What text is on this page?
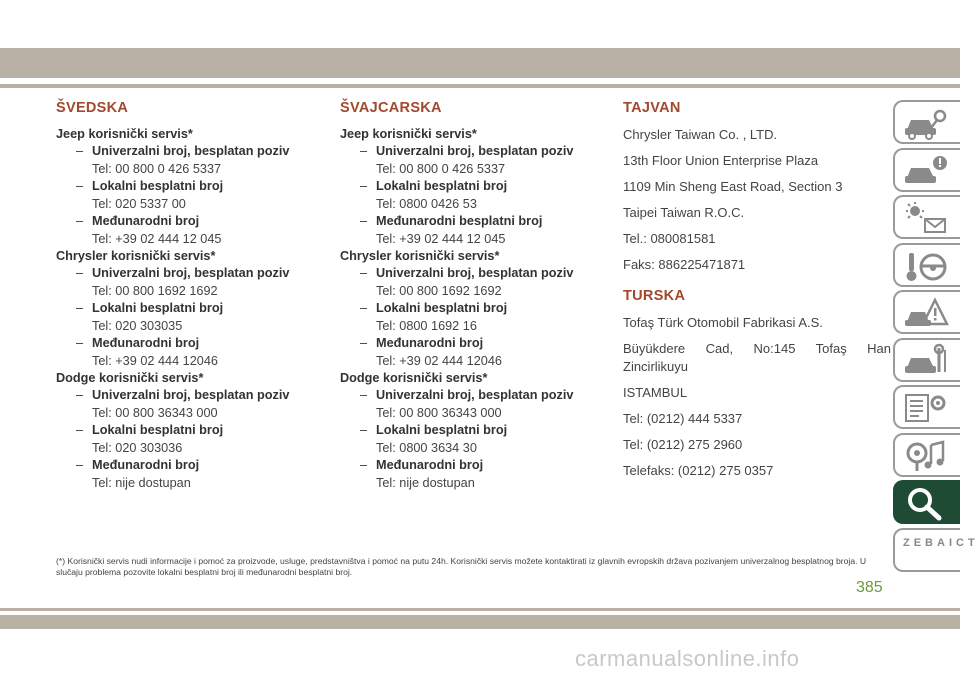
ŠVEDSKA
Jeep korisnički servis*
– Univerzalni broj, besplatan poziv
Tel: 00 800 0 426 5337
– Lokalni besplatni broj
Tel: 020 5337 00
– Međunarodni broj
Tel: +39 02 444 12 045
Chrysler korisnički servis*
– Univerzalni broj, besplatan poziv
Tel: 00 800 1692 1692
– Lokalni besplatni broj
Tel: 020 303035
– Međunarodni broj
Tel: +39 02 444 12046
Dodge korisnički servis*
– Univerzalni broj, besplatan poziv
Tel: 00 800 36343 000
– Lokalni besplatni broj
Tel: 020 303036
– Međunarodni broj
Tel: nije dostupan
ŠVAJCARSKA
Jeep korisnički servis*
– Univerzalni broj, besplatan poziv
Tel: 00 800 0 426 5337
– Lokalni besplatni broj
Tel: 0800 0426 53
– Međunarodni besplatni broj
Tel: +39 02 444 12 045
Chrysler korisnički servis*
– Univerzalni broj, besplatan poziv
Tel: 00 800 1692 1692
– Lokalni besplatni broj
Tel: 0800 1692 16
– Međunarodni broj
Tel: +39 02 444 12046
Dodge korisnički servis*
– Univerzalni broj, besplatan poziv
Tel: 00 800 36343 000
– Lokalni besplatni broj
Tel: 0800 3634 30
– Međunarodni broj
Tel: nije dostupan
TAJVAN

Chrysler Taiwan Co. , LTD.

13th Floor Union Enterprise Plaza

1109 Min Sheng East Road, Section 3

Taipei Taiwan R.O.C.

Tel.: 080081581

Faks: 886225471871

TURSKA

Tofaş Türk Otomobil Fabrikasi A.S.

Büyükdere Cad, No:145 Tofaş Han

Zincirlikuyu

ISTAMBUL

Tel: (0212) 444 5337

Tel: (0212) 275 2960

Telefaks: (0212) 275 0357

(*) Korisnički servis nudi informacije i pomoć za proizvode, usluge, predstavništva i pomoć na putu 24h. Korisnički servis možete kontaktirati iz glavnih evropskih država pozivanjem univerzalnog besplatnog broja. U slučaju problema pozovite lokalni besplatni broj ili međunarodni besplatni broj.
385
ZEBAICT
carmanualsonline.info
